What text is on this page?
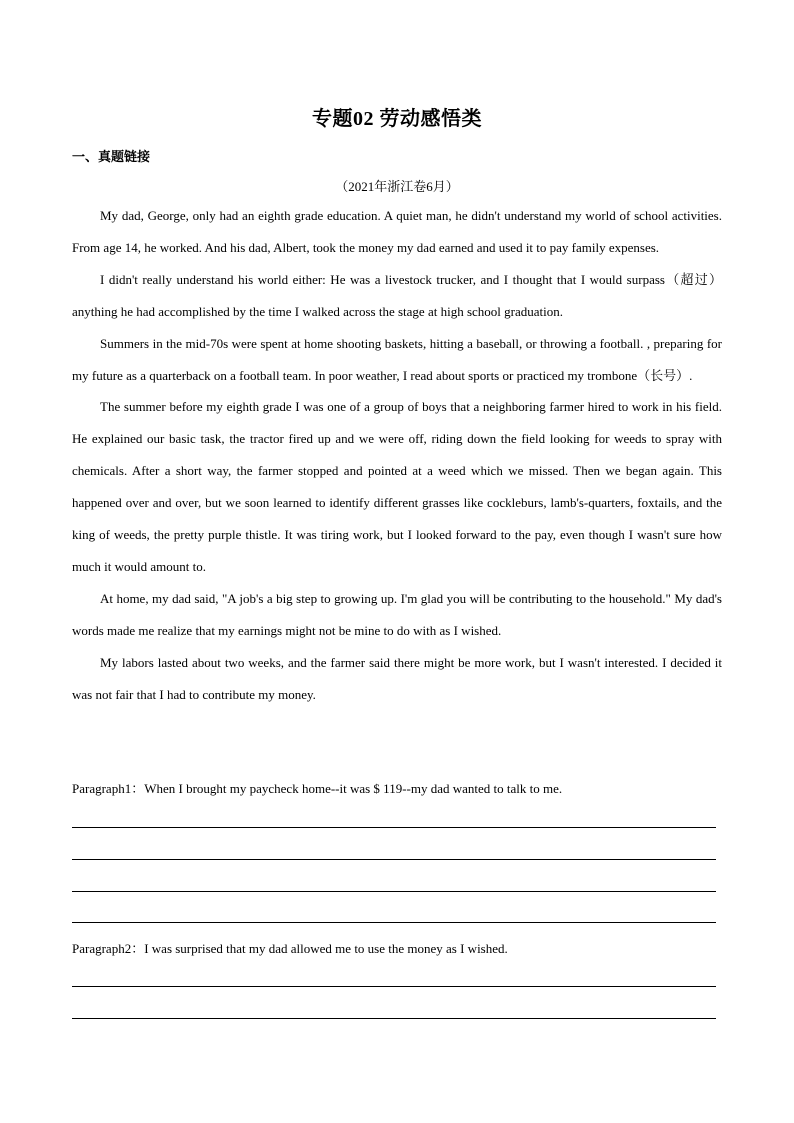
专题02 劳动感悟类
一、真题链接
（2021年浙江卷6月）

My dad, George, only had an eighth grade education. A quiet man, he didn't understand my world of school activities. From age 14, he worked. And his dad, Albert, took the money my dad earned and used it to pay family expenses.

I didn't really understand his world either: He was a livestock trucker, and I thought that I would surpass（超过）anything he had accomplished by the time I walked across the stage at high school graduation.

Summers in the mid-70s were spent at home shooting baskets, hitting a baseball, or throwing a football. , preparing for my future as a quarterback on a football team. In poor weather, I read about sports or practiced my trombone（长号）.

The summer before my eighth grade I was one of a group of boys that a neighboring farmer hired to work in his field. He explained our basic task, the tractor fired up and we were off, riding down the field looking for weeds to spray with chemicals. After a short way, the farmer stopped and pointed at a weed which we missed. Then we began again. This happened over and over, but we soon learned to identify different grasses like cockleburs, lamb's-quarters, foxtails, and the king of weeds, the pretty purple thistle. It was tiring work, but I looked forward to the pay, even though I wasn't sure how much it would amount to.

At home, my dad said, "A job's a big step to growing up. I'm glad you will be contributing to the household." My dad's words made me realize that my earnings might not be mine to do with as I wished.

My labors lasted about two weeks, and the farmer said there might be more work, but I wasn't interested. I decided it was not fair that I had to contribute my money.

Paragraph1：When I brought my paycheck home--it was $ 119--my dad wanted to talk to me.
Paragraph2：I was surprised that my dad allowed me to use the money as I wished.
